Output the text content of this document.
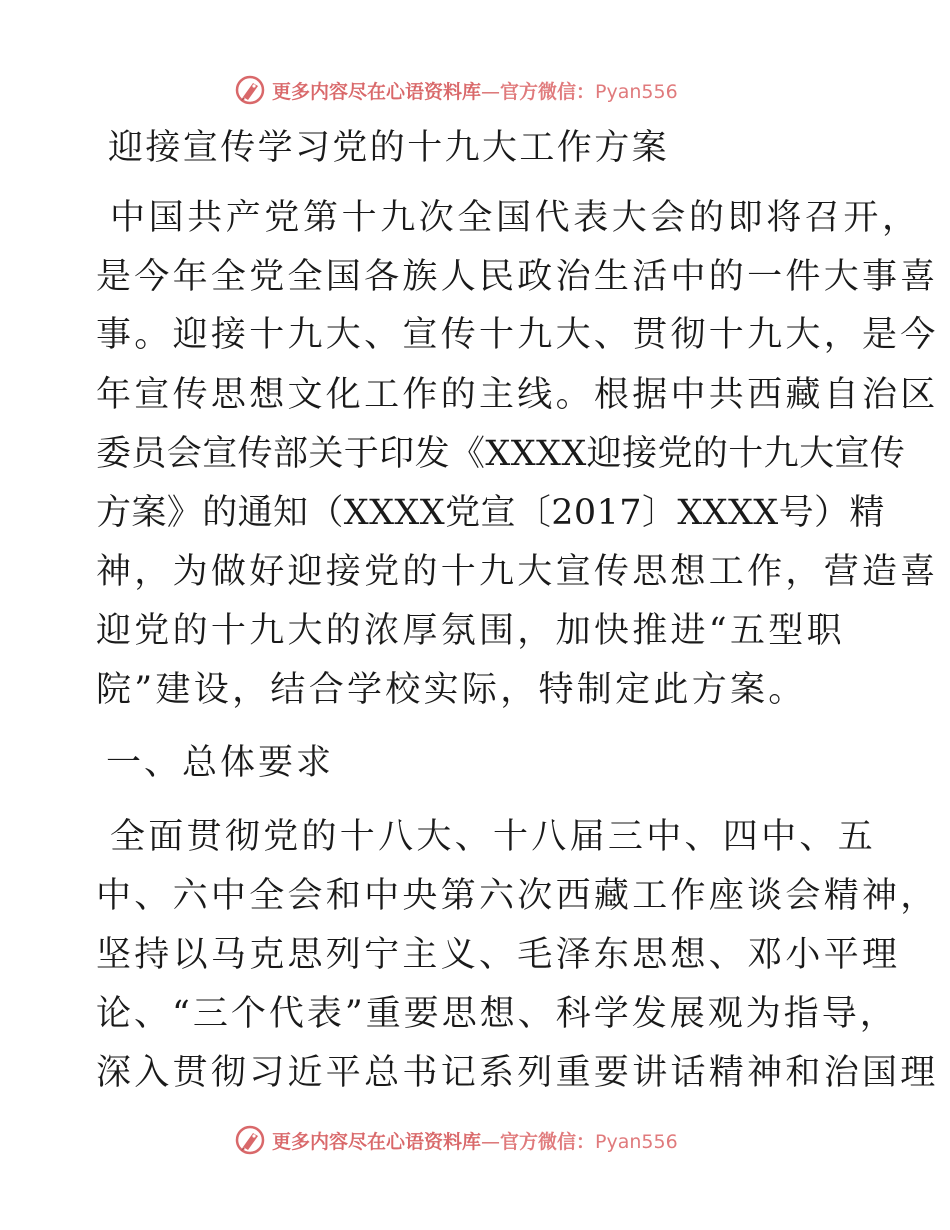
更多内容尽在心语资料库—官方微信：Pyan556
迎接宣传学习党的十九大工作方案
中国共产党第十九次全国代表大会的即将召开，
是今年全党全国各族人民政治生活中的一件大事喜
事。迎接十九大、宣传十九大、贯彻十九大，是今
年宣传思想文化工作的主线。根据中共西藏自治区
委员会宣传部关于印发《XXXX迎接党的十九大宣传
方案》的通知（XXXX党宣〔2017〕XXXX号）精
神，为做好迎接党的十九大宣传思想工作，营造喜
迎党的十九大的浓厚氛围，加快推进“五型职
院”建设，结合学校实际，特制定此方案。
一、总体要求
全面贯彻党的十八大、十八届三中、四中、五
中、六中全会和中央第六次西藏工作座谈会精神，
坚持以马克思列宁主义、毛泽东思想、邓小平理
论、“三个代表”重要思想、科学发展观为指导，
深入贯彻习近平总书记系列重要讲话精神和治国理
更多内容尽在心语资料库—官方微信：Pyan556
